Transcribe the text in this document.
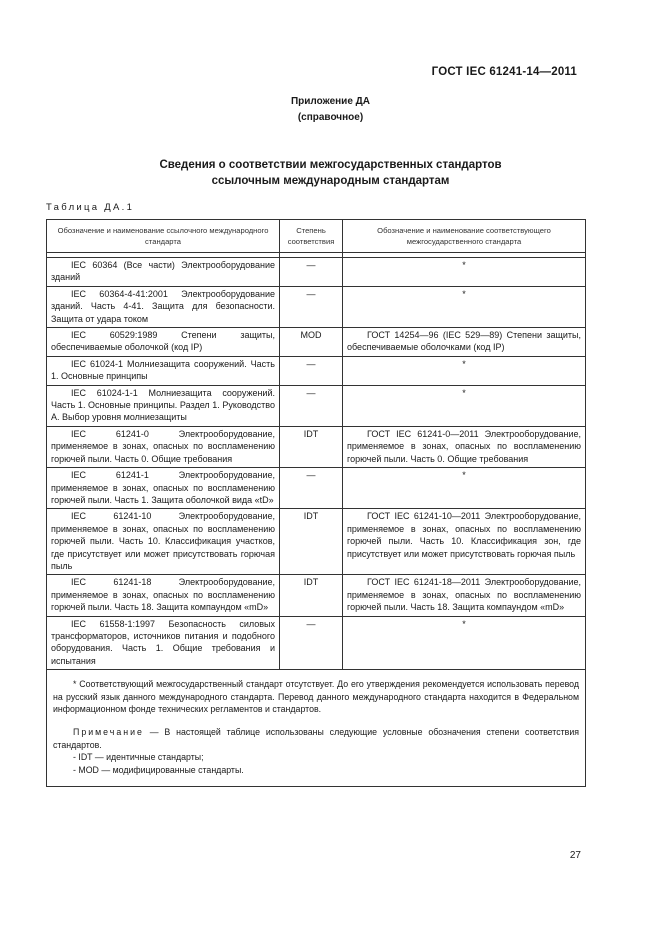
ГОСТ IEC 61241-14—2011
Приложение ДА
(справочное)
Сведения о соответствии межгосударственных стандартов
ссылочным международным стандартам
Таблица ДА.1
Обозначение и наименование ссылочного международного стандарта	Степень соответствия	Обозначение и наименование соответствующего межгосударственного стандарта

IEC 60364 (Все части) Электрооборудование зданий	—	*

IEC 60364-4-41:2001 Электрооборудование зданий. Часть 4-41. Защита для безопасности. Защита от удара током	—	*

IEC 60529:1989 Степени защиты, обеспечиваемые оболочкой (код IP)	MOD	ГОСТ 14254—96 (IEC 529—89) Степени защиты, обеспечиваемые оболочками (код IP)

IEC 61024-1 Молниезащита сооружений. Часть 1. Основные принципы	—	*

IEC 61024-1-1 Молниезащита сооружений. Часть 1. Основные принципы. Раздел 1. Руководство А. Выбор уровня молниезащиты	—	*

IEC 61241-0 Электрооборудование, применяемое в зонах, опасных по воспламенению горючей пыли. Часть 0. Общие требования	IDT	ГОСТ IEC 61241-0—2011 Электрооборудование, применяемое в зонах, опасных по воспламенению горючей пыли. Часть 0. Общие требования

IEC 61241-1 Электрооборудование, применяемое в зонах, опасных по воспламенению горючей пыли. Часть 1. Защита оболочкой вида «tD»	—	*

IEC 61241-10 Электрооборудование, применяемое в зонах, опасных по воспламенению горючей пыли. Часть 10. Классификация участков, где присутствует или может присутствовать горючая пыль	IDT	ГОСТ IEC 61241-10—2011 Электрооборудование, применяемое в зонах, опасных по воспламенению горючей пыли. Часть 10. Классификация зон, где присутствует или может присутствовать горючая пыль

IEC 61241-18 Электрооборудование, применяемое в зонах, опасных по воспламенению горючей пыли. Часть 18. Защита компаундом «mD»	IDT	ГОСТ IEC 61241-18—2011 Электрооборудование, применяемое в зонах, опасных по воспламенению горючей пыли. Часть 18. Защита компаундом «mD»

IEC 61558-1:1997 Безопасность силовых трансформаторов, источников питания и подобного оборудования. Часть 1. Общие требования и испытания	—	*

* Соответствующий межгосударственный стандарт отсутствует. До его утверждения рекомендуется использовать перевод на русский язык данного международного стандарта. Перевод данного международного стандарта находится в Федеральном информационном фонде технических регламентов и стандартов.
Примечание — В настоящей таблице использованы следующие условные обозначения степени соответствия стандартов.
- IDT — идентичные стандарты;
- MOD — модифицированные стандарты.		
27
